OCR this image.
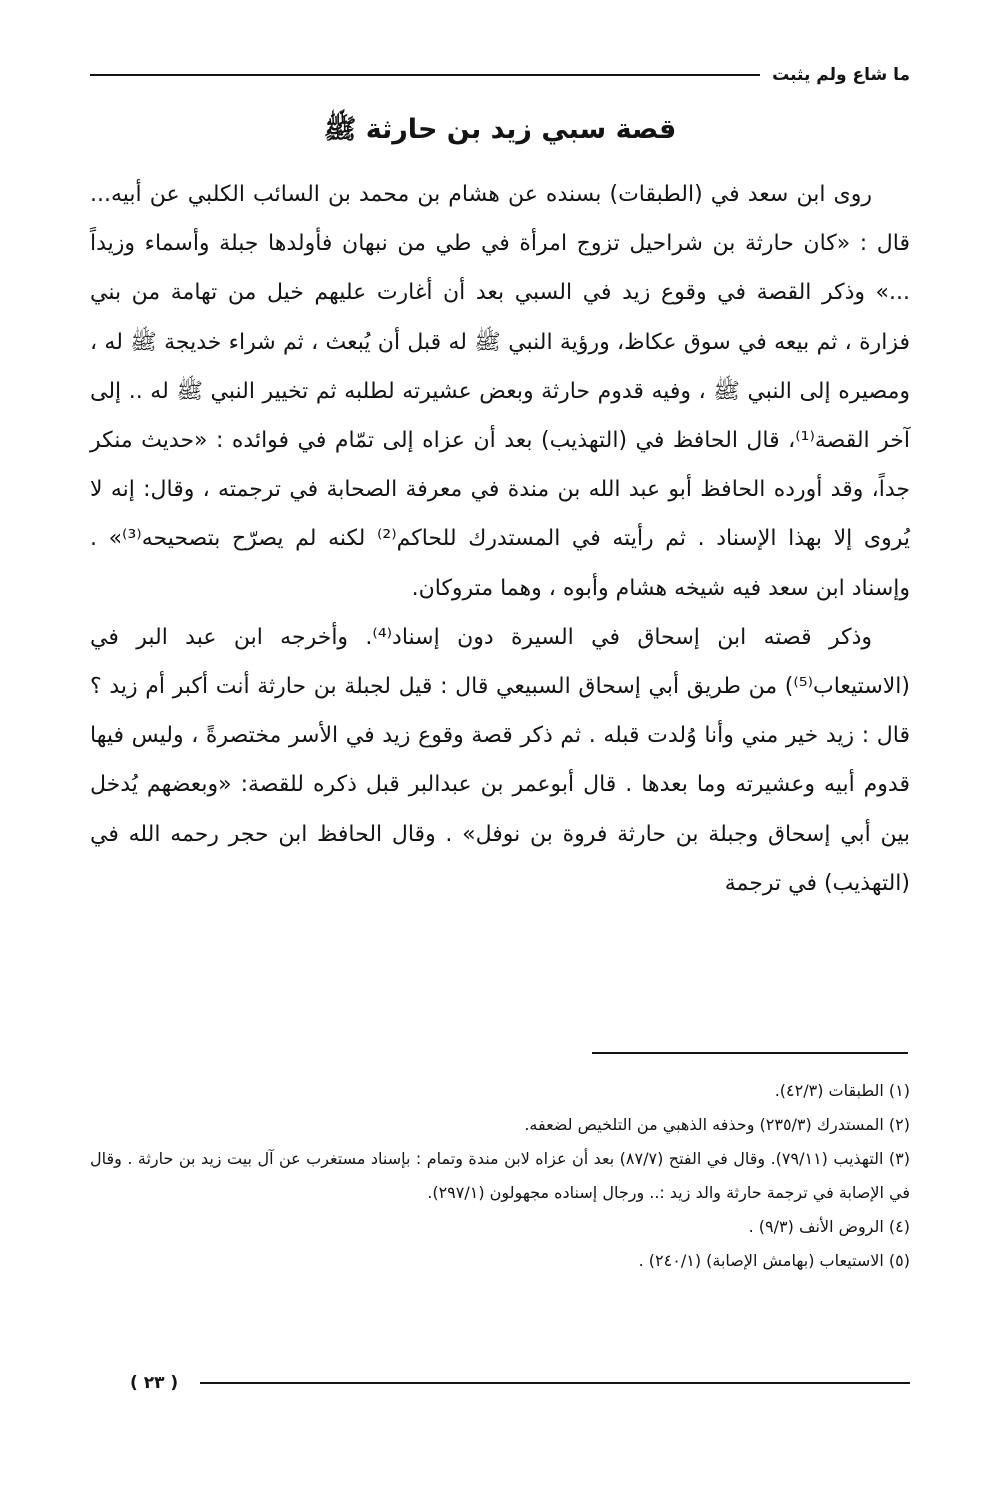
ما شاع ولم يثبت
قصة سبي زيد بن حارثة ﷺ

روى ابن سعد في (الطبقات) بسنده عن هشام بن محمد بن السائب الكلبي عن أبيه... قال : «كان حارثة بن شراحيل تزوج امرأة في طي من نبهان فأولدها جبلة وأسماء وزيداً ...» وذكر القصة في وقوع زيد في السبي بعد أن أغارت عليهم خيل من تهامة من بني فزارة ، ثم بيعه في سوق عكاظ، ورؤية النبي ﷺ له قبل أن يُبعث ، ثم شراء خديجة ﷺ له ، ومصيره إلى النبي ﷺ ، وفيه قدوم حارثة وبعض عشيرته لطلبه ثم تخيير النبي ﷺ له .. إلى آخر القصة⁽¹⁾، قال الحافظ في (التهذيب) بعد أن عزاه إلى تمّام في فوائده : «حديث منكر جداً، وقد أورده الحافظ أبو عبد الله بن مندة في معرفة الصحابة في ترجمته ، وقال: إنه لا يُروى إلا بهذا الإسناد . ثم رأيته في المستدرك للحاكم⁽²⁾ لكنه لم يصرّح بتصحيحه⁽³⁾» . وإسناد ابن سعد فيه شيخه هشام وأبوه ، وهما متروكان.

وذكر قصته ابن إسحاق في السيرة دون إسناد⁽⁴⁾. وأخرجه ابن عبد البر في (الاستيعاب⁽⁵⁾) من طريق أبي إسحاق السبيعي قال : قيل لجبلة بن حارثة أنت أكبر أم زيد ؟ قال : زيد خير مني وأنا وُلدت قبله . ثم ذكر قصة وقوع زيد في الأسر مختصرةً ، وليس فيها قدوم أبيه وعشيرته وما بعدها . قال أبوعمر بن عبدالبر قبل ذكره للقصة: «وبعضهم يُدخل بين أبي إسحاق وجبلة بن حارثة فروة بن نوفل» . وقال الحافظ ابن حجر رحمه الله في (التهذيب) في ترجمة

(١) الطبقات (٤٢/٣).

(٢) المستدرك (٢٣٥/٣) وحذفه الذهبي من التلخيص لضعفه.

(٣) التهذيب (٧٩/١١). وقال في الفتح (٨٧/٧) بعد أن عزاه لابن مندة وتمام : بإسناد مستغرب عن آل بيت زيد بن حارثة . وقال في الإصابة في ترجمة حارثة والد زيد :.. ورجال إسناده مجهولون (٢٩٧/١).

(٤) الروض الأنف (٩/٣) .

(٥) الاستيعاب (بهامش الإصابة) (٢٤٠/١) .

( ٢٣ )
